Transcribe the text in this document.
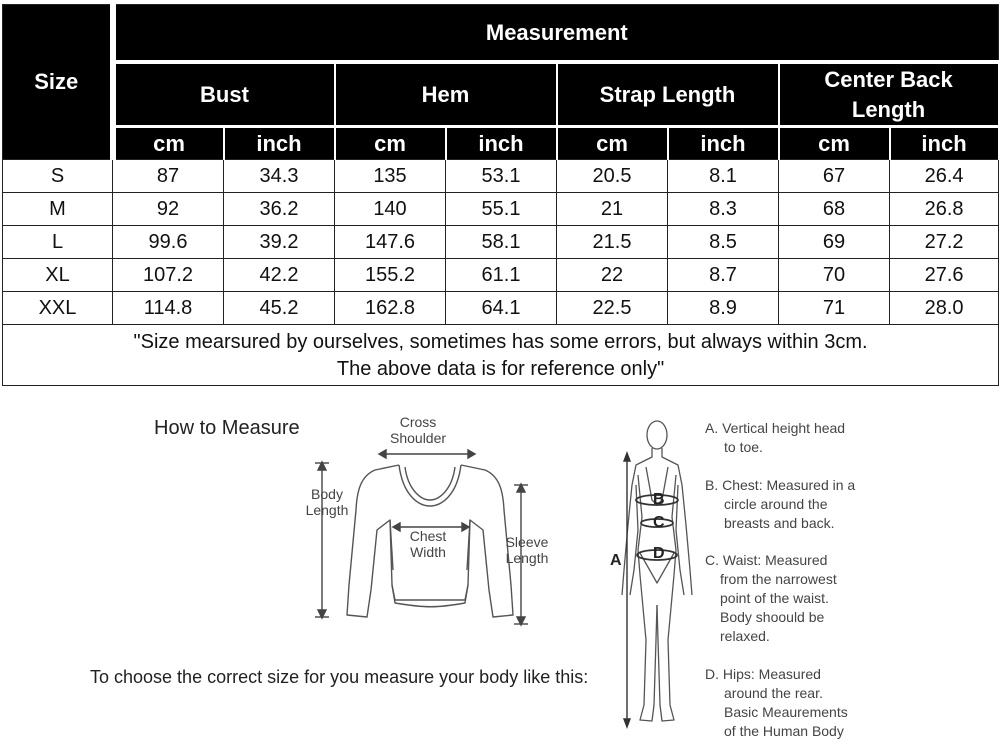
Size	Measurement							
	Bust		Hem		Strap Length		Center Back Length	
	cm	inch	cm	inch	cm	inch	cm	inch
S	87	34.3	135	53.1	20.5	8.1	67	26.4
M	92	36.2	140	55.1	21	8.3	68	26.8
L	99.6	39.2	147.6	58.1	21.5	8.5	69	27.2
XL	107.2	42.2	155.2	61.1	22	8.7	70	27.6
XXL	114.8	45.2	162.8	64.1	22.5	8.9	71	28.0
"Size mearsured by ourselves, sometimes has some errors, but always within 3cm.
The above data is for reference only"								
How to Measure	Cross
Shoulder
Body
Length
Chest
Width
Sleeve
Length
To choose the correct size for you measure your body like this:
A
B
C
D
A. Vertical height head
to toe.
B. Chest: Measured in a
circle around the
breasts and back.
C. Waist: Measured
from the narrowest
point of the waist.
Body shoould be
relaxed.
D. Hips: Measured
around the rear.
Basic Meaurements
of the Human Body
